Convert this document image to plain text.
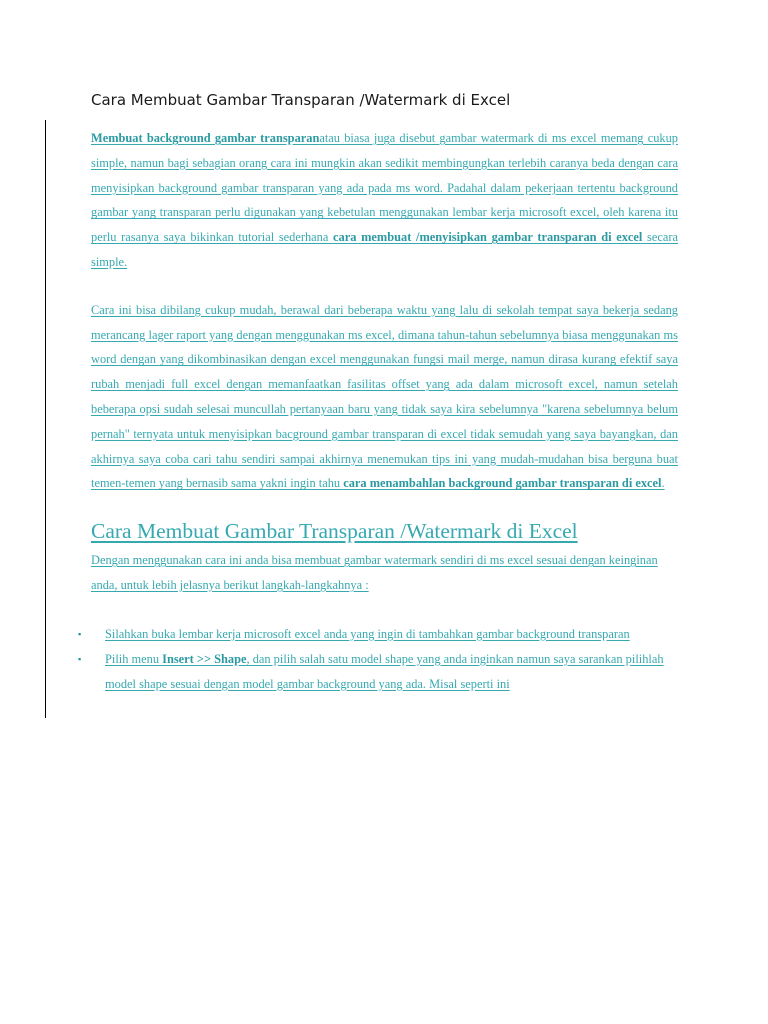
Cara Membuat Gambar Transparan /Watermark di Excel

Membuat background gambar transparanatau biasa juga disebut gambar watermark di ms excel memang cukup simple, namun bagi sebagian orang cara ini mungkin akan sedikit membingungkan terlebih caranya beda dengan cara menyisipkan background gambar transparan yang ada pada ms word. Padahal dalam pekerjaan tertentu background gambar yang transparan perlu digunakan yang kebetulan menggunakan lembar kerja microsoft excel, oleh karena itu perlu rasanya saya bikinkan tutorial sederhana cara membuat /menyisipkan gambar transparan di excel secara simple.

Cara ini bisa dibilang cukup mudah, berawal dari beberapa waktu yang lalu di sekolah tempat saya bekerja sedang merancang lager raport yang dengan menggunakan ms excel, dimana tahun-tahun sebelumnya biasa menggunakan ms word dengan yang dikombinasikan dengan excel menggunakan fungsi mail merge, namun dirasa kurang efektif saya rubah menjadi full excel dengan memanfaatkan fasilitas offset yang ada dalam microsoft excel, namun setelah beberapa opsi sudah selesai muncullah pertanyaan baru yang tidak saya kira sebelumnya "karena sebelumnya belum pernah" ternyata untuk menyisipkan bacground gambar transparan di excel tidak semudah yang saya bayangkan, dan akhirnya saya coba cari tahu sendiri sampai akhirnya menemukan tips ini yang mudah-mudahan bisa berguna buat temen-temen yang bernasib sama yakni ingin tahu cara menambahlan background gambar transparan di excel.

Cara Membuat Gambar Transparan /Watermark di Excel

Dengan menggunakan cara ini anda bisa membuat gambar watermark sendiri di ms excel sesuai dengan keinginan anda, untuk lebih jelasnya berikut langkah-langkahnya :

▪	Silahkan buka lembar kerja microsoft excel anda yang ingin di tambahkan gambar background transparan
▪	Pilih menu Insert >> Shape, dan pilih salah satu model shape yang anda inginkan namun saya sarankan pilihlah model shape sesuai dengan model gambar background yang ada. Misal seperti ini
